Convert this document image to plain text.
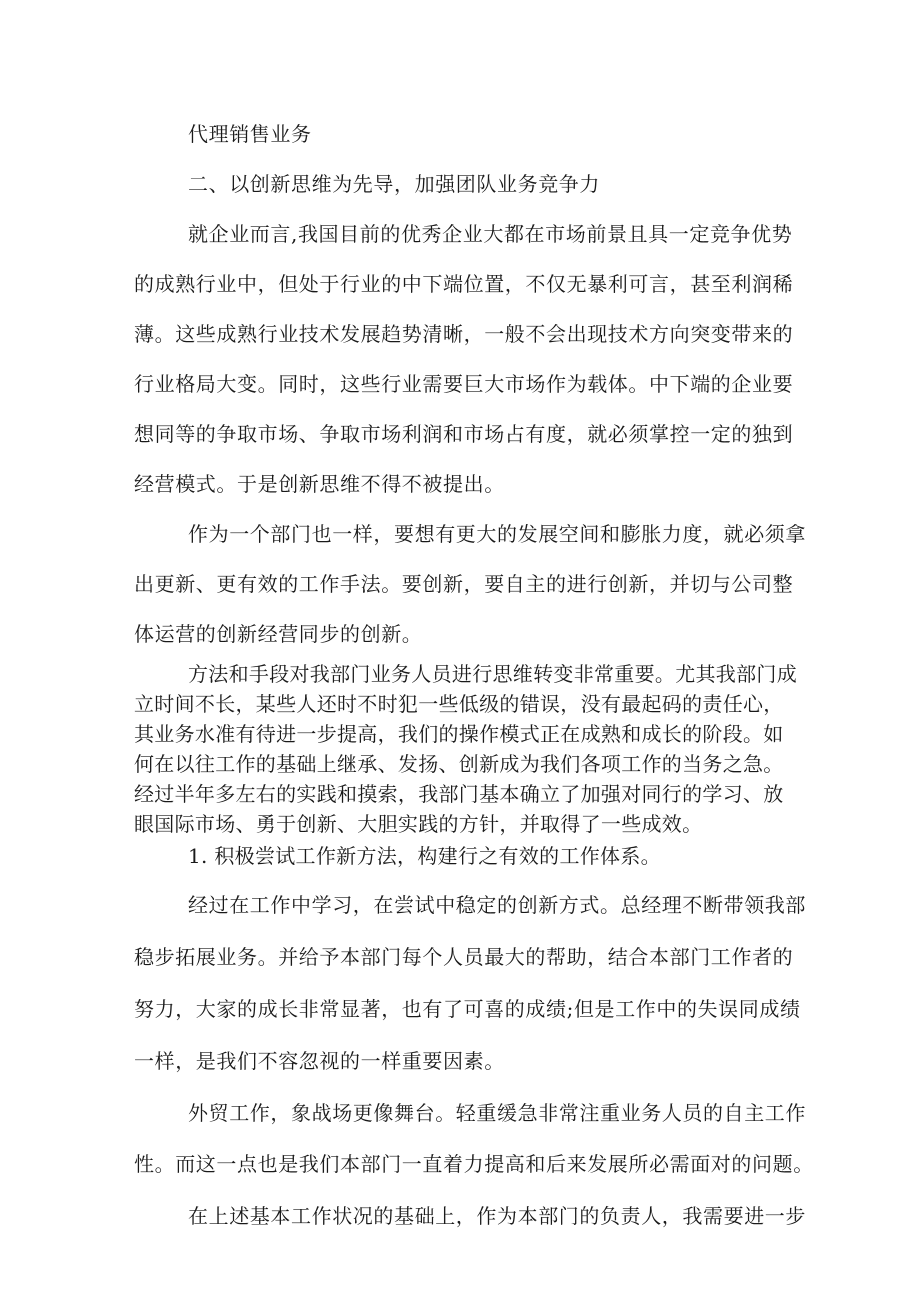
代理销售业务
二、以创新思维为先导，加强团队业务竞争力
就企业而言,我国目前的优秀企业大都在市场前景且具一定竞争优势
的成熟行业中，但处于行业的中下端位置，不仅无暴利可言，甚至利润稀
薄。这些成熟行业技术发展趋势清晰，一般不会出现技术方向突变带来的
行业格局大变。同时，这些行业需要巨大市场作为载体。中下端的企业要
想同等的争取市场、争取市场利润和市场占有度，就必须掌控一定的独到
经营模式。于是创新思维不得不被提出。
作为一个部门也一样，要想有更大的发展空间和膨胀力度，就必须拿
出更新、更有效的工作手法。要创新，要自主的进行创新，并切与公司整
体运营的创新经营同步的创新。
方法和手段对我部门业务人员进行思维转变非常重要。尤其我部门成
立时间不长，某些人还时不时犯一些低级的错误，没有最起码的责任心，
其业务水准有待进一步提高，我们的操作模式正在成熟和成长的阶段。如
何在以往工作的基础上继承、发扬、创新成为我们各项工作的当务之急。
经过半年多左右的实践和摸索，我部门基本确立了加强对同行的学习、放
眼国际市场、勇于创新、大胆实践的方针，并取得了一些成效。
1. 积极尝试工作新方法，构建行之有效的工作体系。
经过在工作中学习，在尝试中稳定的创新方式。总经理不断带领我部
稳步拓展业务。并给予本部门每个人员最大的帮助，结合本部门工作者的
努力，大家的成长非常显著，也有了可喜的成绩;但是工作中的失误同成绩
一样，是我们不容忽视的一样重要因素。
外贸工作，象战场更像舞台。轻重缓急非常注重业务人员的自主工作
性。而这一点也是我们本部门一直着力提高和后来发展所必需面对的问题。
在上述基本工作状况的基础上，作为本部门的负责人，我需要进一步
